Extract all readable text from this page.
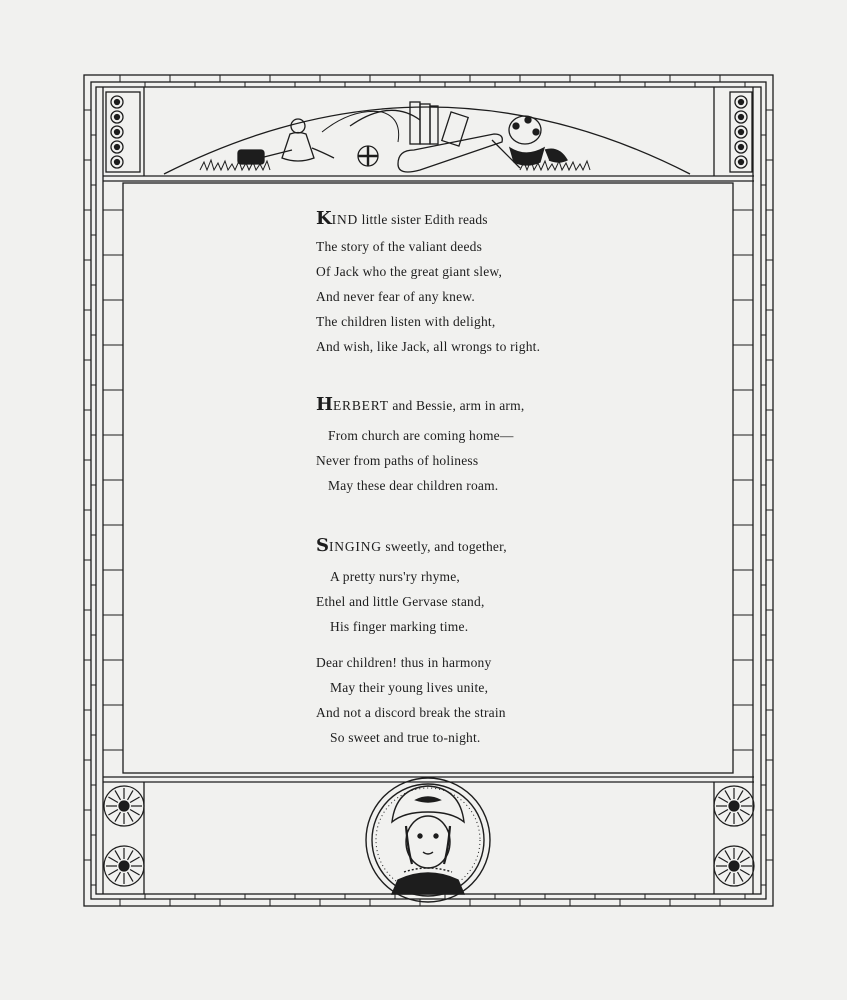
KIND little sister Edith reads
The story of the valiant deeds
Of Jack who the great giant slew,
And never fear of any knew.
The children listen with delight,
And wish, like Jack, all wrongs to right.
HERBERT and Bessie, arm in arm,
From church are coming home—
Never from paths of holiness
May these dear children roam.
SINGING sweetly, and together,
A pretty nurs'ry rhyme,
Ethel and little Gervase stand,
His finger marking time.
Dear children! thus in harmony
May their young lives unite,
And not a discord break the strain
So sweet and true to-night.
